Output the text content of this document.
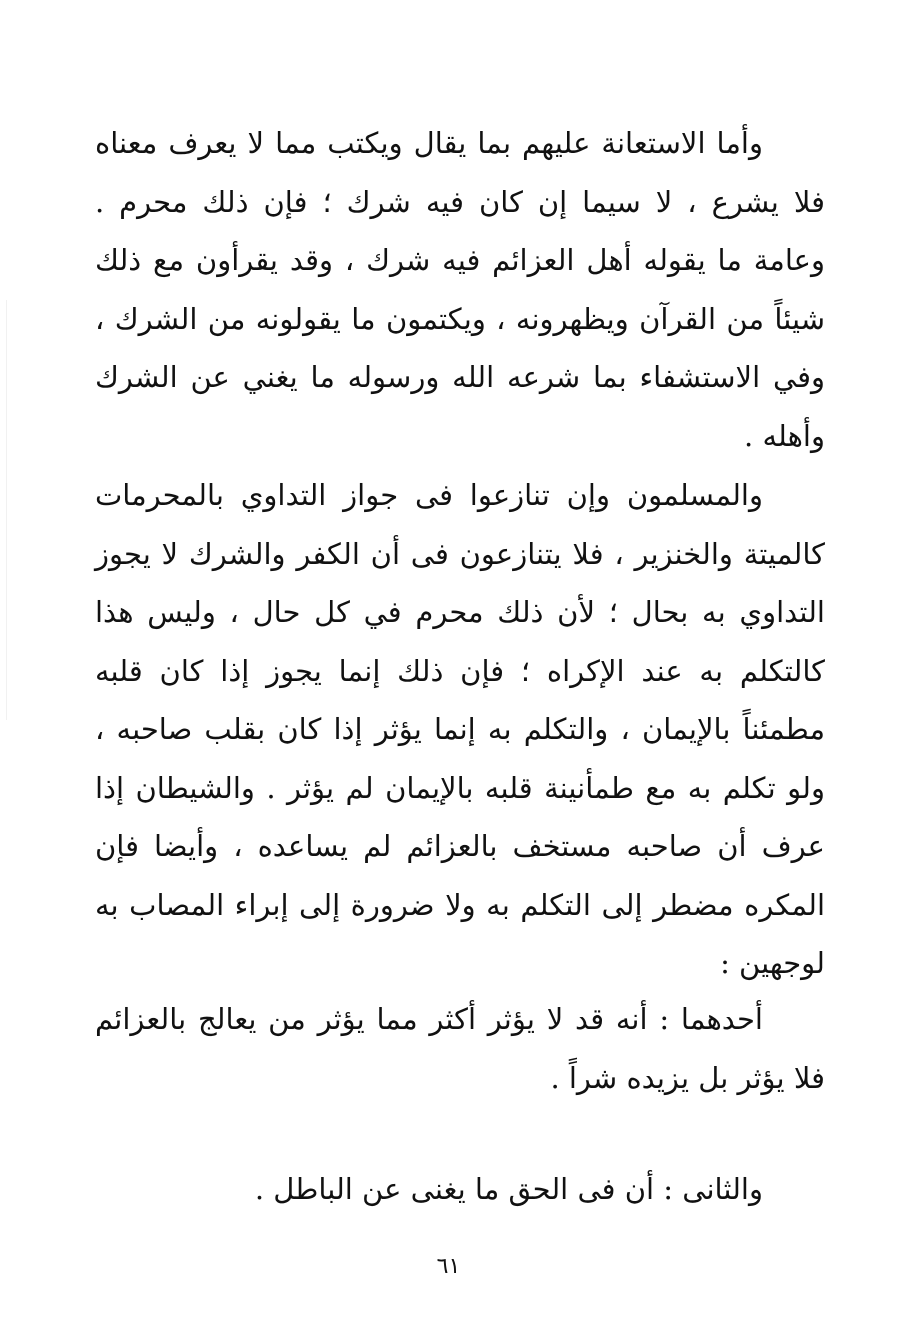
وأما الاستعانة عليهم بما يقال ويكتب مما لا يعرف معناه فلا يشرع ، لا سيما إن كان فيه شرك ؛ فإن ذلك محرم . وعامة ما يقوله أهل العزائم فيه شرك ، وقد يقرأون مع ذلك شيئاً من القرآن ويظهرونه ، ويكتمون ما يقولونه من الشرك ، وفي الاستشفاء بما شرعه الله ورسوله ما يغني عن الشرك وأهله .

والمسلمون وإن تنازعوا فى جواز التداوي بالمحرمات كالميتة والخنزير ، فلا يتنازعون فى أن الكفر والشرك لا يجوز التداوي به بحال ؛ لأن ذلك محرم في كل حال ، وليس هذا كالتكلم به عند الإكراه ؛ فإن ذلك إنما يجوز إذا كان قلبه مطمئناً بالإيمان ، والتكلم به إنما يؤثر إذا كان بقلب صاحبه ، ولو تكلم به مع طمأنينة قلبه بالإيمان لم يؤثر . والشيطان إذا عرف أن صاحبه مستخف بالعزائم لم يساعده ، وأيضا فإن المكره مضطر إلى التكلم به ولا ضرورة إلى إبراء المصاب به لوجهين :

أحدهما : أنه قد لا يؤثر أكثر مما يؤثر من يعالج بالعزائم فلا يؤثر بل يزيده شراً .

والثانى : أن فى الحق ما يغنى عن الباطل .

٦١
